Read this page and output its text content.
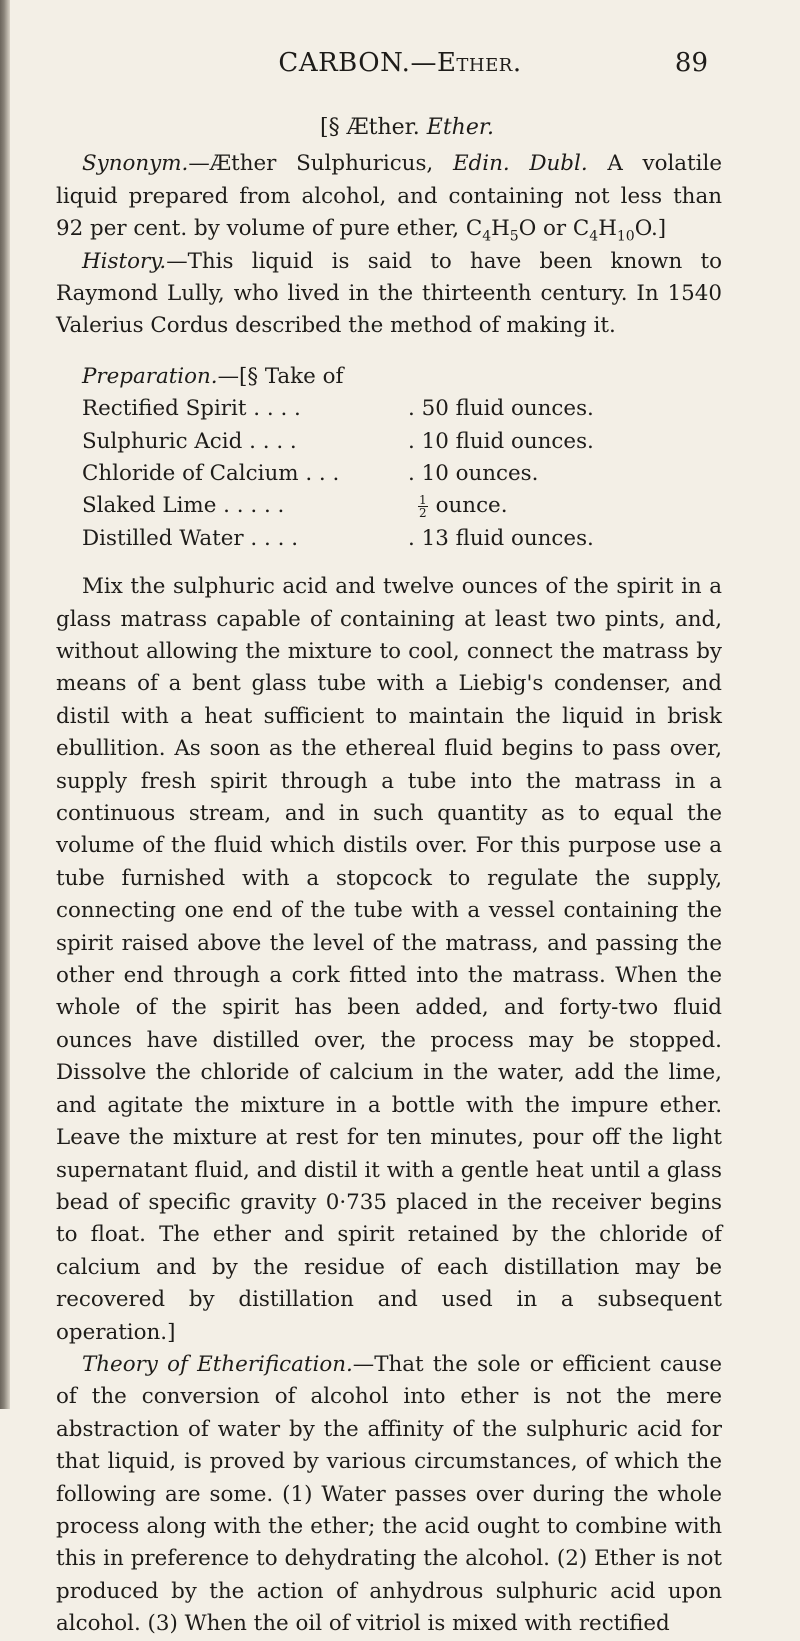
CARBON.—Ether.	89

[§ Æther. Ether.

Synonym.—Æther Sulphuricus, Edin. Dubl. A volatile liquid prepared from alcohol, and containing not less than 92 per cent. by volume of pure ether, $C_4H_5O$ or $C_4H_{10}O$.]

History.—This liquid is said to have been known to Raymond Lully, who lived in the thirteenth century. In 1540 Valerius Cordus described the method of making it.

Preparation.—[§ Take of

Rectified Spirit . . . .	. 50 fluid ounces.
Sulphuric Acid . . . .	. 10 fluid ounces.
Chloride of Calcium . . .	. 10 ounces.
Slaked Lime . . . . .	$\frac{1}{2}$ ounce.
Distilled Water . . . .	. 13 fluid ounces.

Mix the sulphuric acid and twelve ounces of the spirit in a glass matrass capable of containing at least two pints, and, without allowing the mixture to cool, connect the matrass by means of a bent glass tube with a Liebig's condenser, and distil with a heat sufficient to maintain the liquid in brisk ebullition. As soon as the ethereal fluid begins to pass over, supply fresh spirit through a tube into the matrass in a continuous stream, and in such quantity as to equal the volume of the fluid which distils over. For this purpose use a tube furnished with a stopcock to regulate the supply, connecting one end of the tube with a vessel containing the spirit raised above the level of the matrass, and passing the other end through a cork fitted into the matrass. When the whole of the spirit has been added, and forty-two fluid ounces have distilled over, the process may be stopped. Dissolve the chloride of calcium in the water, add the lime, and agitate the mixture in a bottle with the impure ether. Leave the mixture at rest for ten minutes, pour off the light supernatant fluid, and distil it with a gentle heat until a glass bead of specific gravity 0·735 placed in the receiver begins to float. The ether and spirit retained by the chloride of calcium and by the residue of each distillation may be recovered by distillation and used in a subsequent operation.]

Theory of Etherification.—That the sole or efficient cause of the conversion of alcohol into ether is not the mere abstraction of water by the affinity of the sulphuric acid for that liquid, is proved by various circumstances, of which the following are some. (1) Water passes over during the whole process along with the ether; the acid ought to combine with this in preference to dehydrating the alcohol. (2) Ether is not produced by the action of anhydrous sulphuric acid upon alcohol. (3) When the oil of vitriol is mixed with rectified
